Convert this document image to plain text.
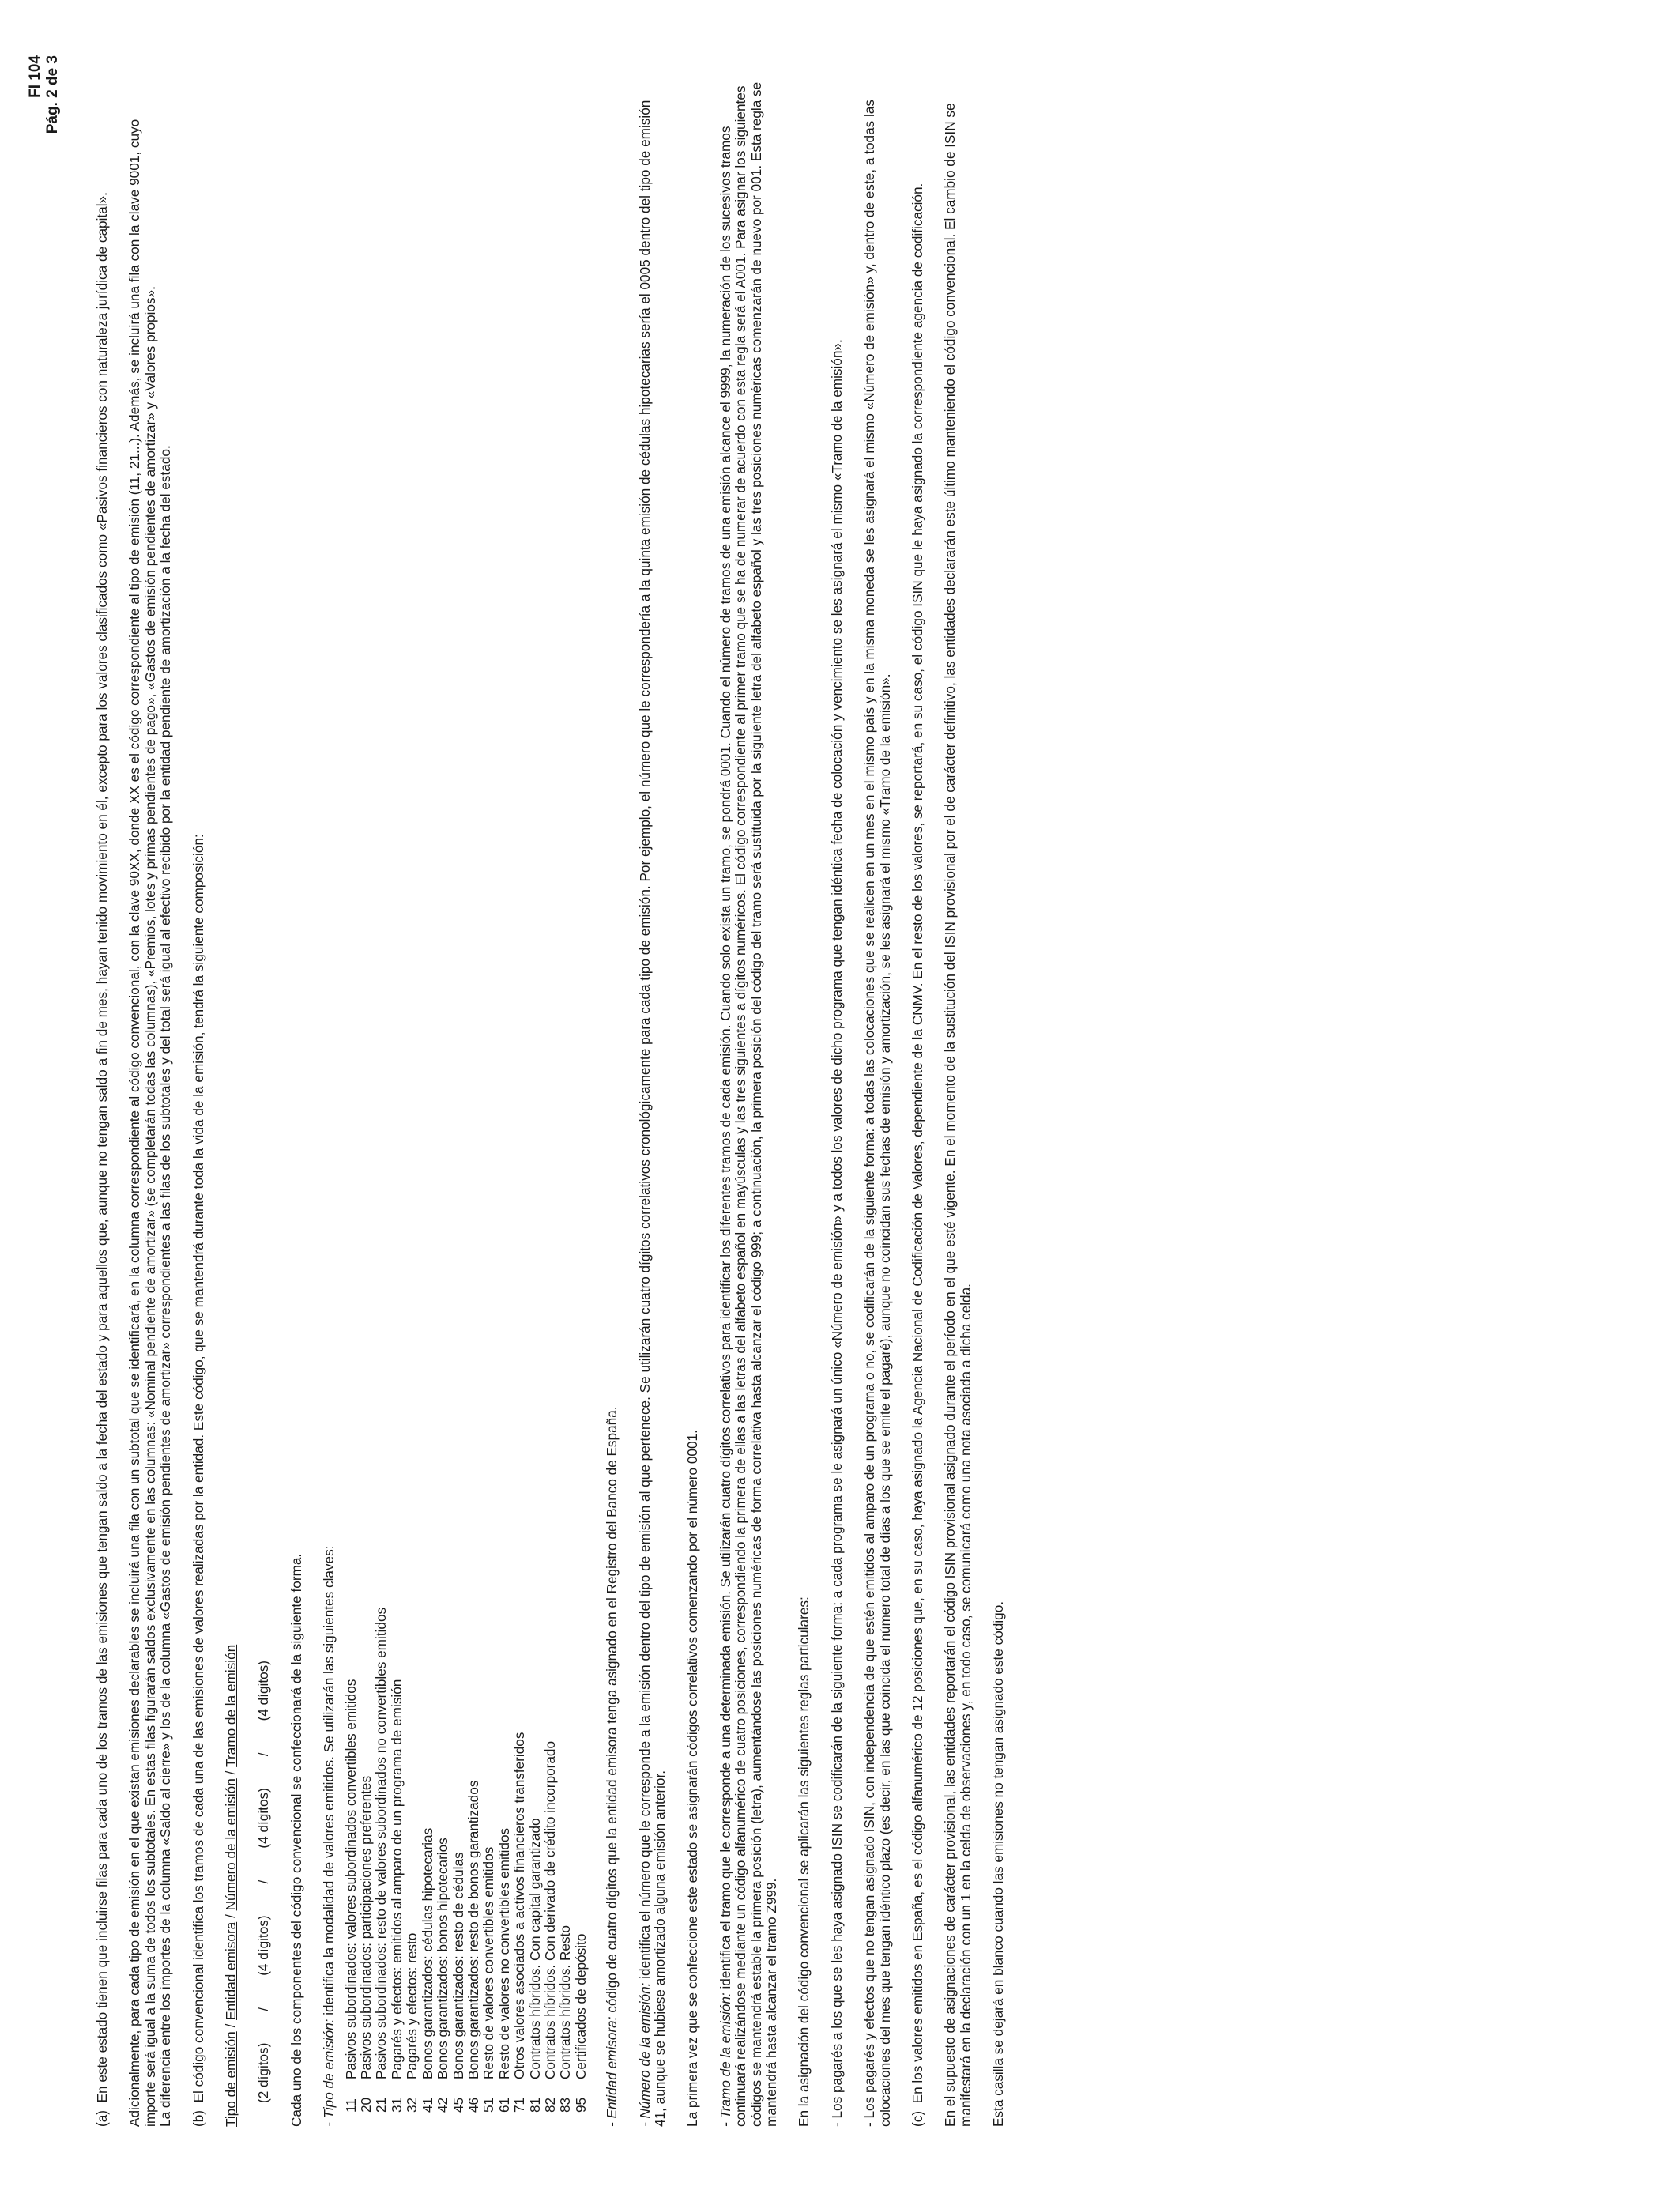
FI 104 Pág. 2 de 3

(a)  En este estado tienen que incluirse filas para cada uno de los tramos de las emisiones que tengan saldo a la fecha del estado y para aquellos que, aunque no tengan saldo a fin de mes, hayan tenido movimiento en él, excepto para los valores clasificados como «Pasivos financieros con naturaleza jurídica de capital». Adicionalmente, para cada tipo de emisión en el que existan emisiones declarables se incluirá una fila con un subtotal que se identificará, en la columna correspondiente al código convencional, con la clave 90XX, donde XX es el código correspondiente al tipo de emisión (11, 21...). Además, se incluirá una fila con la clave 9001, cuyo importe será igual a la suma de todos los subtotales. En estas filas figurarán saldos exclusivamente en las columnas: «Nominal pendiente de amortizar» (se completarán todas las columnas), «Premios, lotes y primas pendientes de pago», «Gastos de emisión pendientes de amortizar» y «Valores propios». La diferencia entre los importes de la columna «Saldo al cierre» y los de la columna «Gastos de emisión pendientes de amortizar» correspondientes a las filas de los subtotales y del total será igual al efectivo recibido por la entidad pendiente de amortización a la fecha del estado. (b)  El código convencional identifica los tramos de cada una de las emisiones de valores realizadas por la entidad. Este código, que se mantendrá durante toda la vida de la emisión, tendrá la siguiente composición: Tipo de emisión / Entidad emisora / Número de la emisión / Tramo de la emisión

(2 dígitos)/(4 dígitos)/(4 dígitos)/(4 dígitos) Cada uno de los componentes del código convencional se confeccionará de la siguiente forma. - Tipo de emisión: identifica la modalidad de valores emitidos. Se utilizarán las siguientes claves:

11
Pasivos subordinados: valores subordinados convertibles emitidos
20
Pasivos subordinados: participaciones preferentes
21
Pasivos subordinados: resto de valores subordinados no convertibles emitidos
31
Pagarés y efectos: emitidos al amparo de un programa de emisión
32
Pagarés y efectos: resto
41
Bonos garantizados: cédulas hipotecarias
42
Bonos garantizados: bonos hipotecarios
45
Bonos garantizados: resto de cédulas
46
Bonos garantizados: resto de bonos garantizados
51
Resto de valores convertibles emitidos
61
Resto de valores no convertibles emitidos
71
Otros valores asociados a activos financieros transferidos
81
Contratos híbridos. Con capital garantizado
82
Contratos híbridos. Con derivado de crédito incorporado
83
Contratos híbridos. Resto
95
Certificados de depósito - Entidad emisora: código de cuatro dígitos que la entidad emisora tenga asignado en el Registro del Banco de España.

- Número de la emisión: identifica el número que le corresponde a la emisión dentro del tipo de emisión al que pertenece. Se utilizarán cuatro dígitos correlativos cronológicamente para cada tipo de emisión. Por ejemplo, el número que le correspondería a la quinta emisión de cédulas hipotecarias sería el 0005 dentro del tipo de emisión 41, aunque se hubiese amortizado alguna emisión anterior. La primera vez que se confeccione este estado se asignarán códigos correlativos comenzando por el número 0001. - Tramo de la emisión: identifica el tramo que le corresponde a una determinada emisión. Se utilizarán cuatro dígitos correlativos para identificar los diferentes tramos de cada emisión. Cuando solo exista un tramo, se pondrá 0001. Cuando el número de tramos de una emisión alcance el 9999, la numeración de los sucesivos tramos continuará realizándose mediante un código alfanumérico de cuatro posiciones, correspondiendo la primera de ellas a las letras del alfabeto español en mayúsculas y las tres siguientes a dígitos numéricos. El código correspondiente al primer tramo que se ha de numerar de acuerdo con esta regla será el A001. Para asignar los siguientes códigos se mantendrá estable la primera posición (letra), aumentándose las posiciones numéricas de forma correlativa hasta alcanzar el código 999; a continuación, la primera posición del código del tramo será sustituida por la siguiente letra del alfabeto español y las tres posiciones numéricas comenzarán de nuevo por 001. Esta regla se mantendrá hasta alcanzar el tramo Z999. En la asignación del código convencional se aplicarán las siguientes reglas particulares: - Los pagarés a los que se les haya asignado ISIN se codificarán de la siguiente forma: a cada programa se le asignará un único «Número de emisión» y a todos los valores de dicho programa que tengan idéntica fecha de colocación y vencimiento se les asignará el mismo «Tramo de la emisión». - Los pagarés y efectos que no tengan asignado ISIN, con independencia de que estén emitidos al amparo de un programa o no, se codificarán de la siguiente forma: a todas las colocaciones que se realicen en un mes en el mismo país y en la misma moneda se les asignará el mismo «Número de emisión» y, dentro de este, a todas las colocaciones del mes que tengan idéntico plazo (es decir, en las que coincida el número total de días a los que se emite el pagaré), aunque no coincidan sus fechas de emisión y amortización, se les asignará el mismo «Tramo de la emisión». (c)  En los valores emitidos en España, es el código alfanumérico de 12 posiciones que, en su caso, haya asignado la Agencia Nacional de Codificación de Valores, dependiente de la CNMV. En el resto de los valores, se reportará, en su caso, el código ISIN que le haya asignado la correspondiente agencia de codificación. En el supuesto de asignaciones de carácter provisional, las entidades reportarán el código ISIN provisional asignado durante el período en el que esté vigente. En el momento de la sustitución del ISIN provisional por el de carácter definitivo, las entidades declararán este último manteniendo el código convencional. El cambio de ISIN se manifestará en la declaración con un 1 en la celda de observaciones y, en todo caso, se comunicará como una nota asociada a dicha celda. Esta casilla se dejará en blanco cuando las emisiones no tengan asignado este código.
